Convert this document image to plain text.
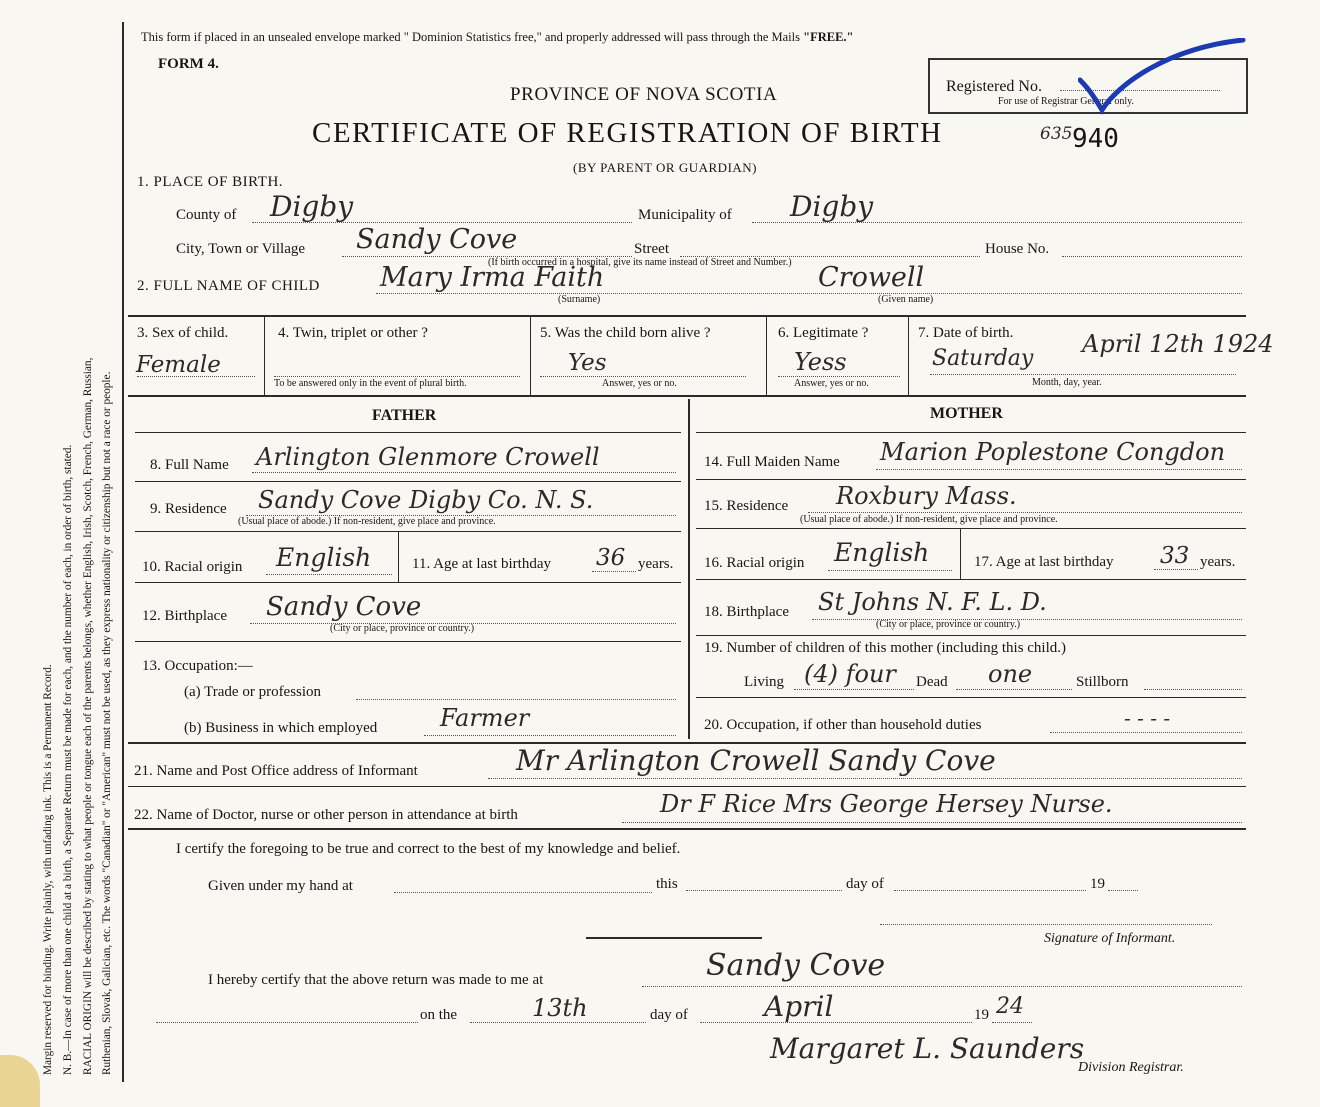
Margin reserved for binding. Write plainly, with unfading ink. This is a Permanent Record. N. B.—In case of more than one child at a birth, a Separate Return must be made for each, and the number of each, in order of birth, stated. RACIAL ORIGIN will be described by stating to what people or tongue each of the parents belongs, whether English, Irish, Scotch, French, German, Russian, Ruthenian, Slovak, Galician, etc. The words "Canadian" or "American" must not be used, as they express nationality or citizenship but not a race or people.
This form if placed in an unsealed envelope marked " Dominion Statistics free," and properly addressed will pass through the Mails "FREE."
FORM 4.
PROVINCE OF NOVA SCOTIA
CERTIFICATE OF REGISTRATION OF BIRTH	635 940
(BY PARENT OR GUARDIAN)
Registered No.
For use of Registrar General only.
1. PLACE OF BIRTH.
County of Digby	Municipality of Digby
City, Town or Village Sandy Cove	Street	House No.
(If birth occurred in a hospital, give its name instead of Street and Number.)
2. FULL NAME OF CHILD Mary Irma Faith	Crowell
(Surname)	(Given name)
3. Sex of child.
Female
4. Twin, triplet or other ?
To be answered only in the event of plural birth.
5. Was the child born alive ?
Yes
Answer, yes or no.
6. Legitimate ?
Yess
Answer, yes or no.
7. Date of birth.
Saturday
April 12th 1924
Month, day, year.
FATHER	MOTHER
8. Full Name Arlington Glenmore Crowell
9. Residence Sandy Cove Digby Co. N. S.
(Usual place of abode.) If non-resident, give place and province.
10. Racial origin English	11. Age at last birthday 36 years.
12. Birthplace Sandy Cove
(City or place, province or country.)
13. Occupation:—
(a) Trade or profession
(b) Business in which employed	Farmer
14. Full Maiden Name Marion Poplestone Congdon
15. Residence Roxbury Mass.
(Usual place of abode.) If non-resident, give place and province.
16. Racial origin English	17. Age at last birthday 33 years.
18. Birthplace St Johns N. F. L. D.
(City or place, province or country.)
19. Number of children of this mother (including this child.)
Living (4) four Dead one	Stillborn
20. Occupation, if other than household duties	- - - -
21. Name and Post Office address of Informant	Mr Arlington Crowell Sandy Cove
22. Name of Doctor, nurse or other person in attendance at birth	Dr F Rice Mrs George Hersey Nurse.
I certify the foregoing to be true and correct to the best of my knowledge and belief.
Given under my hand at	this	day of	19
Signature of Informant.
I hereby certify that the above return was made to me at	Sandy Cove
on the	13th	day of	April	19 24
Margaret L. Saunders
Division Registrar.
